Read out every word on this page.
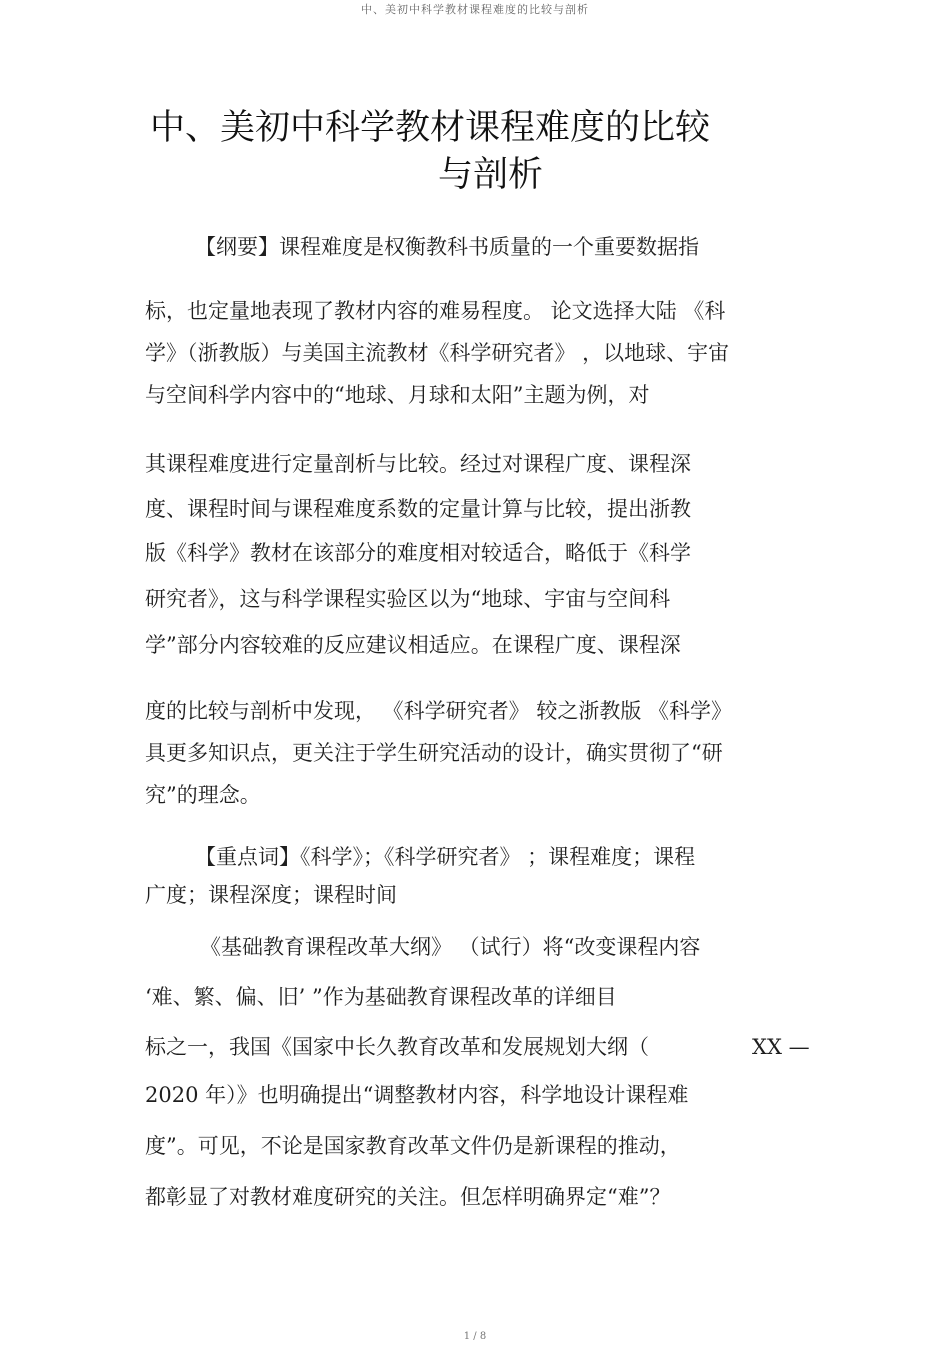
中、美初中科学教材课程难度的比较与剖析
中、美初中科学教材课程难度的比较
与剖析
【纲要】课程难度是权衡教科书质量的一个重要数据指
标，也定量地表现了教材内容的难易程度。 论文选择大陆 《科
学》（浙教版）与美国主流教材《科学研究者》 ，以地球、宇宙
与空间科学内容中的“地球、月球和太阳”主题为例，对
其课程难度进行定量剖析与比较。经过对课程广度、课程深
度、课程时间与课程难度系数的定量计算与比较，提出浙教
版《科学》教材在该部分的难度相对较适合，略低于《科学
研究者》，这与科学课程实验区以为“地球、宇宙与空间科
学”部分内容较难的反应建议相适应。在课程广度、课程深
度的比较与剖析中发现， 《科学研究者》 较之浙教版 《科学》
具更多知识点，更关注于学生研究活动的设计，确实贯彻了“研
究”的理念。
【重点词】《科学》；《科学研究者》 ；课程难度；课程
广度；课程深度；课程时间
《基础教育课程改革大纲》 （试行）将“改变课程内容
‘难、繁、偏、旧’ ”作为基础教育课程改革的详细目
标之一，我国《国家中长久教育改革和发展规划大纲（	XX —
2020 年）》也明确提出“调整教材内容，科学地设计课程难
度”。可见，不论是国家教育改革文件仍是新课程的推动，
都彰显了对教材难度研究的关注。但怎样明确界定“难”？
1 / 8
